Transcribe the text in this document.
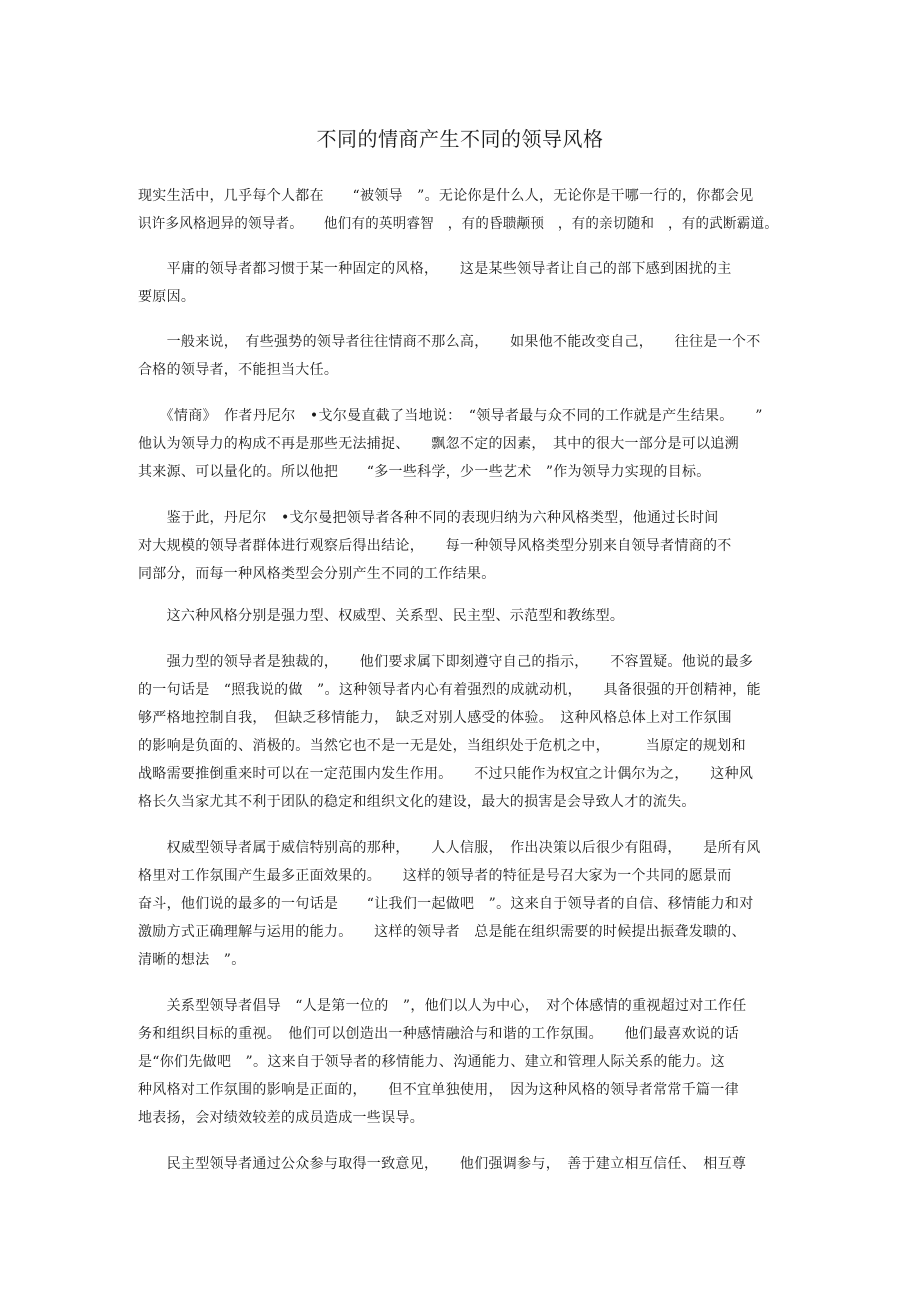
不同的情商产生不同的领导风格
现实生活中，几乎每个人都在　　“被领导　”。无论你是什么人，无论你是干哪一行的，你都会见
识许多风格迥异的领导者。　　他们有的英明睿智　，有的昏聩颟顸　，有的亲切随和　，有的武断霸道。
　　平庸的领导者都习惯于某一种固定的风格，　　这是某些领导者让自己的部下感到困扰的主
要原因。
　　一般来说，　有些强势的领导者往往情商不那么高，　　如果他不能改变自己，　　往往是一个不
合格的领导者，不能担当大任。
　　《情商》　作者丹尼尔　•戈尔曼直截了当地说：　“领导者最与众不同的工作就是产生结果。　　”
他认为领导力的构成不再是那些无法捕捉、　　飘忽不定的因素，　其中的很大一部分是可以追溯
其来源、可以量化的。所以他把　　“多一些科学，少一些艺术　”作为领导力实现的目标。
　　鉴于此，丹尼尔　•戈尔曼把领导者各种不同的表现归纳为六种风格类型，他通过长时间
对大规模的领导者群体进行观察后得出结论，　　每一种领导风格类型分别来自领导者情商的不
同部分，而每一种风格类型会分别产生不同的工作结果。
　　这六种风格分别是强力型、权威型、关系型、民主型、示范型和教练型。
　　强力型的领导者是独裁的，　　他们要求属下即刻遵守自己的指示，　　不容置疑。他说的最多
的一句话是　“照我说的做　”。这种领导者内心有着强烈的成就动机，　　具备很强的开创精神，能
够严格地控制自我，　但缺乏移情能力，　缺乏对别人感受的体验。　这种风格总体上对工作氛围
的影响是负面的、消极的。当然它也不是一无是处，当组织处于危机之中，　　　当原定的规划和
战略需要推倒重来时可以在一定范围内发生作用。　　不过只能作为权宜之计偶尔为之，　　这种风
格长久当家尤其不利于团队的稳定和组织文化的建设，最大的损害是会导致人才的流失。
　　权威型领导者属于威信特别高的那种，　　人人信服，　作出决策以后很少有阻碍，　　是所有风
格里对工作氛围产生最多正面效果的。　　这样的领导者的特征是号召大家为一个共同的愿景而
奋斗，他们说的最多的一句话是　　“让我们一起做吧　”。这来自于领导者的自信、移情能力和对
激励方式正确理解与运用的能力。　　这样的领导者　总是能在组织需要的时候提出振聋发聩的、
清晰的想法　”。
　　关系型领导者倡导　“人是第一位的　”，他们以人为中心，　对个体感情的重视超过对工作任
务和组织目标的重视。　他们可以创造出一种感情融洽与和谐的工作氛围。　　他们最喜欢说的话
是“你们先做吧　”。这来自于领导者的移情能力、沟通能力、建立和管理人际关系的能力。这
种风格对工作氛围的影响是正面的，　　但不宜单独使用，　因为这种风格的领导者常常千篇一律
地表扬，会对绩效较差的成员造成一些误导。
　　民主型领导者通过公众参与取得一致意见，　　他们强调参与，　善于建立相互信任、　相互尊
